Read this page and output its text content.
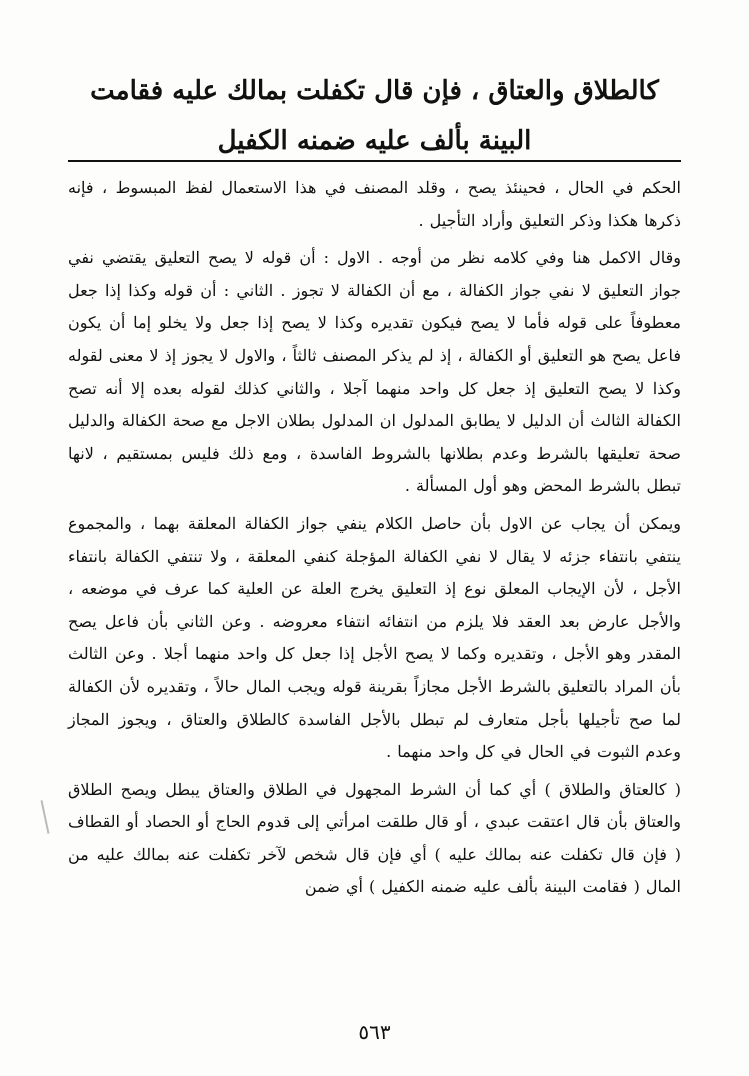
كالطلاق والعتاق ، فإن قال تكفلت بمالك عليه فقامت البينة بألف عليه ضمنه الكفيل

الحكم في الحال ، فحينئذ يصح ، وقلد المصنف في هذا الاستعمال لفظ المبسوط ، فإنه ذكرها هكذا وذكر التعليق وأراد التأجيل .

وقال الاكمل هنا وفي كلامه نظر من أوجه . الاول : أن قوله لا يصح التعليق يقتضي نفي جواز التعليق لا نفي جواز الكفالة ، مع أن الكفالة لا تجوز . الثاني : أن قوله وكذا إذا جعل معطوفاً على قوله فأما لا يصح فيكون تقديره وكذا لا يصح إذا جعل ولا يخلو إما أن يكون فاعل يصح هو التعليق أو الكفالة ، إذ لم يذكر المصنف ثالثاً ، والاول لا يجوز إذ لا معنى لقوله وكذا لا يصح التعليق إذ جعل كل واحد منهما آجلا ، والثاني كذلك لقوله بعده إلا أنه تصح الكفالة الثالث أن الدليل لا يطابق المدلول ان المدلول بطلان الاجل مع صحة الكفالة والدليل صحة تعليقها بالشرط وعدم بطلانها بالشروط الفاسدة ، ومع ذلك فليس بمستقيم ، لانها تبطل بالشرط المحض وهو أول المسألة .

ويمكن أن يجاب عن الاول بأن حاصل الكلام ينفي جواز الكفالة المعلقة بهما ، والمجموع ينتفي بانتفاء جزئه لا يقال لا نفي الكفالة المؤجلة كنفي المعلقة ، ولا تنتفي الكفالة بانتفاء الأجل ، لأن الإيجاب المعلق نوع إذ التعليق يخرج العلة عن العلية كما عرف في موضعه ، والأجل عارض بعد العقد فلا يلزم من انتفائه انتفاء معروضه . وعن الثاني بأن فاعل يصح المقدر وهو الأجل ، وتقديره وكما لا يصح الأجل إذا جعل كل واحد منهما أجلا . وعن الثالث بأن المراد بالتعليق بالشرط الأجل مجازاً بقرينة قوله ويجب المال حالاً ، وتقديره لأن الكفالة لما صح تأجيلها بأجل متعارف لم تبطل بالأجل الفاسدة كالطلاق والعتاق ، ويجوز المجاز وعدم الثبوت في الحال في كل واحد منهما .

( كالعتاق والطلاق ) أي كما أن الشرط المجهول في الطلاق والعتاق يبطل ويصح الطلاق والعتاق بأن قال اعتقت عبدي ، أو قال طلقت امرأتي إلى قدوم الحاج أو الحصاد أو القطاف ( فإن قال تكفلت عنه بمالك عليه ) أي فإن قال شخص لآخر تكفلت عنه بمالك عليه من المال ( فقامت البينة بألف عليه ضمنه الكفيل ) أي ضمن

٥٦٣
